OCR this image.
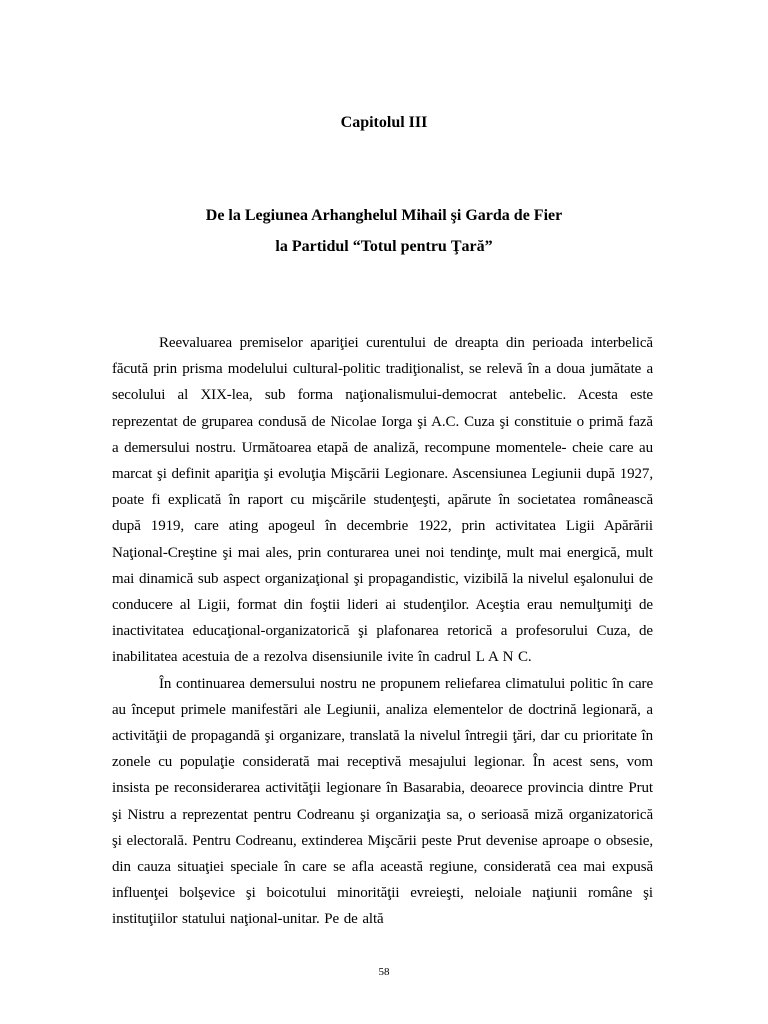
Capitolul III
De la Legiunea Arhanghelul Mihail şi Garda de Fier
la Partidul “Totul pentru Ţară”

Reevaluarea premiselor apariţiei curentului de dreapta din perioada interbelică făcută prin prisma modelului cultural-politic tradiţionalist, se relevă în a doua jumătate a secolului al XIX-lea, sub forma naţionalismului-democrat antebelic. Acesta este reprezentat de gruparea condusă de Nicolae Iorga şi A.C. Cuza şi constituie o primă fază a demersului nostru. Următoarea etapă de analiză, recompune momentele- cheie care au marcat şi definit apariţia şi evoluţia Mişcării Legionare. Ascensiunea Legiunii după 1927, poate fi explicată în raport cu mişcările studenţeşti, apărute în societatea românească după 1919, care ating apogeul în decembrie 1922, prin activitatea Ligii Apărării Naţional-Creştine şi mai ales, prin conturarea unei noi tendinţe, mult mai energică, mult mai dinamică sub aspect organizaţional şi propagandistic, vizibilă la nivelul eşalonului de conducere al Ligii, format din foştii lideri ai studenţilor. Aceştia erau nemulţumiţi de inactivitatea educaţional-organizatorică şi plafonarea retorică a profesorului Cuza, de inabilitatea acestuia de a rezolva disensiunile ivite în cadrul L A N C.

În continuarea demersului nostru ne propunem reliefarea climatului politic în care au început primele manifestări ale Legiunii, analiza elementelor de doctrină legionară, a activităţii de propagandă şi organizare, translată la nivelul întregii ţări, dar cu prioritate în zonele cu populaţie considerată mai receptivă mesajului legionar. În acest sens, vom insista pe reconsiderarea activităţii legionare în Basarabia, deoarece provincia dintre Prut şi Nistru a reprezentat pentru Codreanu şi organizaţia sa, o serioasă miză organizatorică şi electorală. Pentru Codreanu, extinderea Mişcării peste Prut devenise aproape o obsesie, din cauza situaţiei speciale în care se afla această regiune, considerată cea mai expusă influenţei bolşevice şi boicotului minorităţii evreieşti, neloiale naţiunii române şi instituţiilor statului naţional-unitar. Pe de altă

58
